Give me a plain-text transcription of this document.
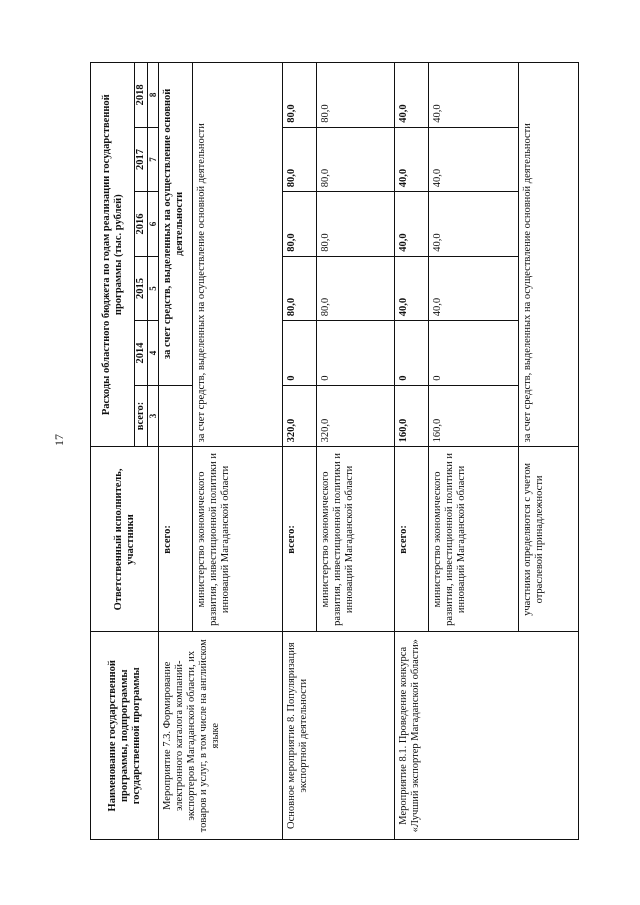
17
Наименование государственной программы, подпрограммы государственной программы	Ответственный исполнитель, участники	Расходы областного бюджета по годам реализации государственной программы (тыс. рублей)					
		всего:	2014	2015	2016	2017	2018
		3	4	5	6	7	8
Мероприятие 7.3. Формирование электронного каталога компаний-экспортеров Магаданской области, их товаров и услуг, в том числе на английском языке	всего:		за счет средств, выделенных на осуществление основной деятельности				
	министерство экономического развития, инвестиционной политики и инноваций Магаданской области	за счет средств, выделенных на осуществление основной деятельности					
Основное мероприятие 8. Популяризация экспортной деятельности	всего:	320,0	0	80,0	80,0	80,0	80,0
	министерство экономического развития, инвестиционной политики и инноваций Магаданской области	320,0	0	80,0	80,0	80,0	80,0
Мероприятие 8.1. Проведение конкурса «Лучший экспортер Магаданской области»	всего:	160,0	0	40,0	40,0	40,0	40,0
	министерство экономического развития, инвестиционной политики и инноваций Магаданской области	160,0	0	40,0	40,0	40,0	40,0
	участники определяются с учетом отраслевой принадлежности	за счет средств, выделенных на осуществление основной деятельности					
